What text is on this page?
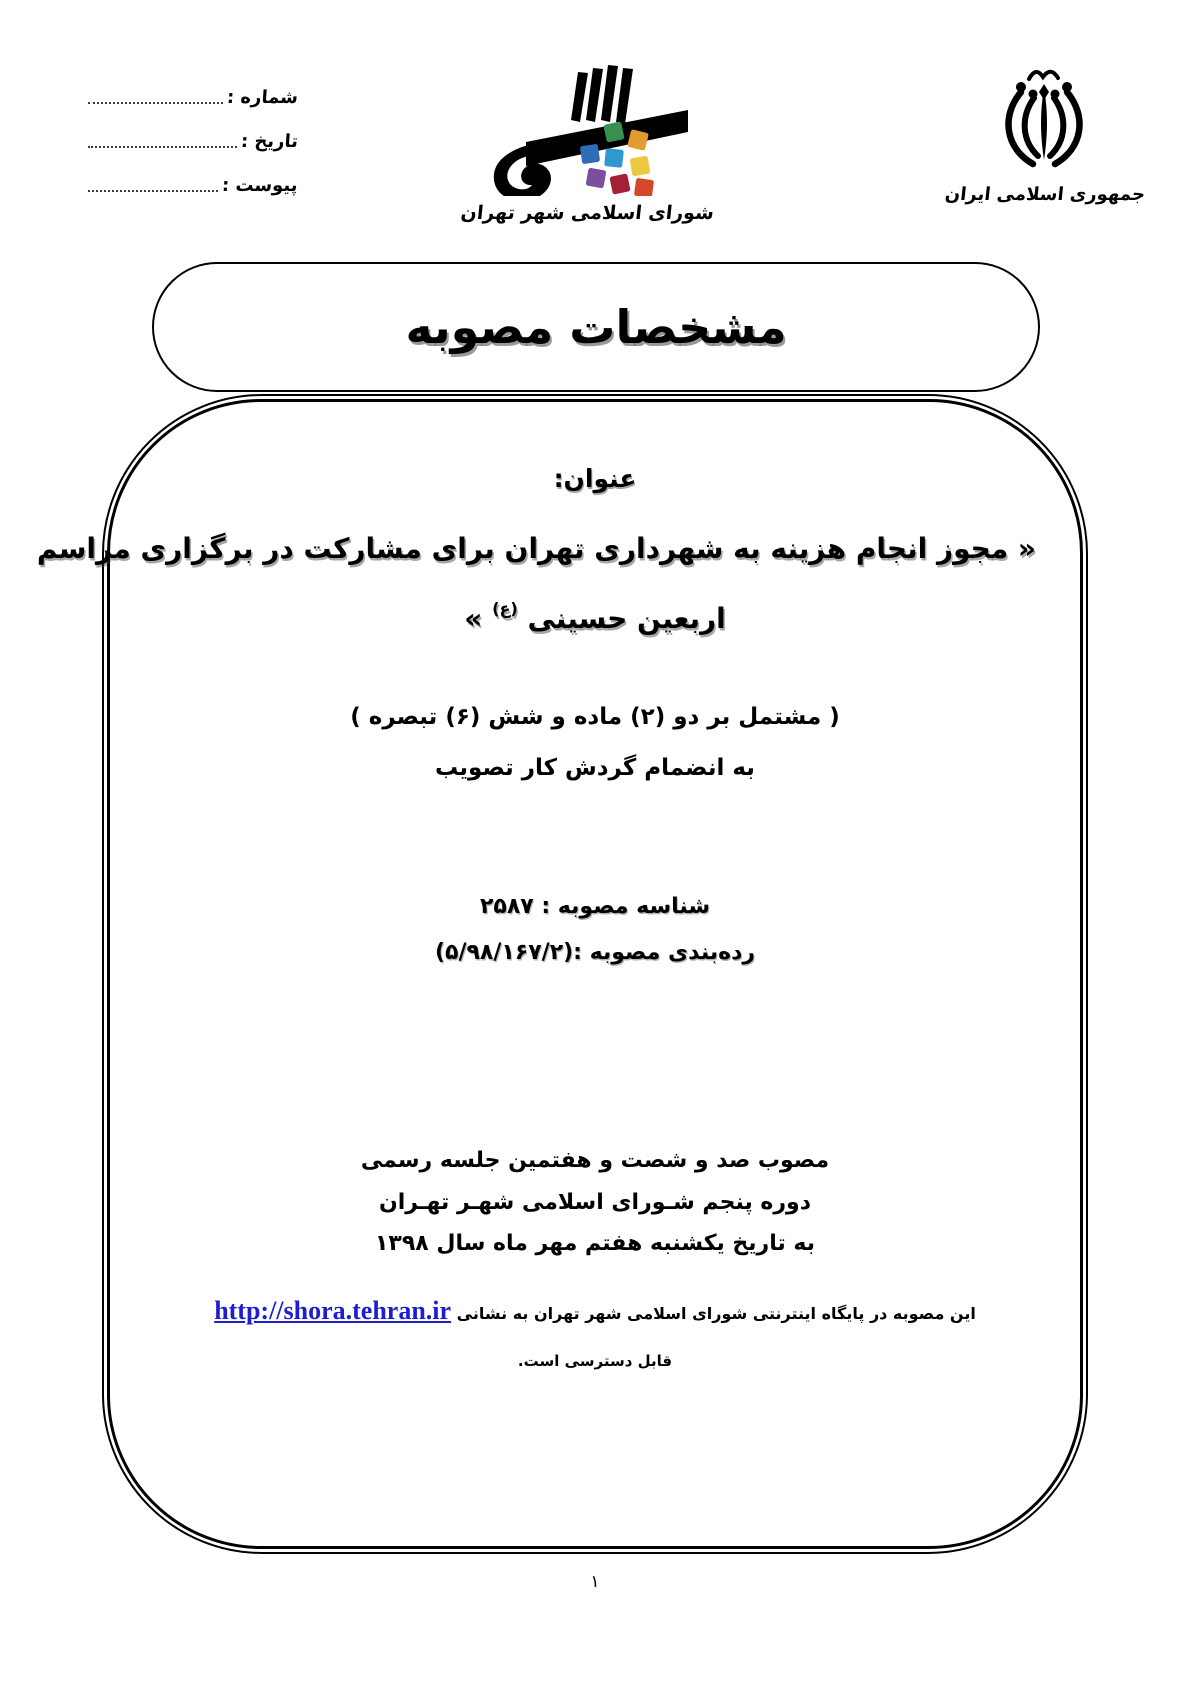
شماره :
تاریخ :
پیوست :
شورای اسلامی شهر تهران
جمهوری اسلامی ایران
مشخصات مصوبه
عنوان:
« مجوز انجام هزینه به شهرداری تهران برای مشارکت در برگزاری مراسم
اربعین حسینی $^{(ع)}$ »
( مشتمل بر دو (۲) ماده و شش (۶) تبصره )
به انضمام گردش کار تصویب
شناسه مصوبه : ۲۵۸۷
رده‌بندی مصوبه :(۵/۹۸/۱۶۷/۲)
مصوب صد و شصت و هفتمین جلسه رسمی
دوره پنجم شـورای اسلامی شهـر تهـران
به تاریخ یکشنبه هفتم مهر ماه سال ۱۳۹۸
این مصوبه در پایگاه اینترنتی شورای اسلامی شهر تهران به نشانی http://shora.tehran.ir
قابل دسترسی است.
۱
